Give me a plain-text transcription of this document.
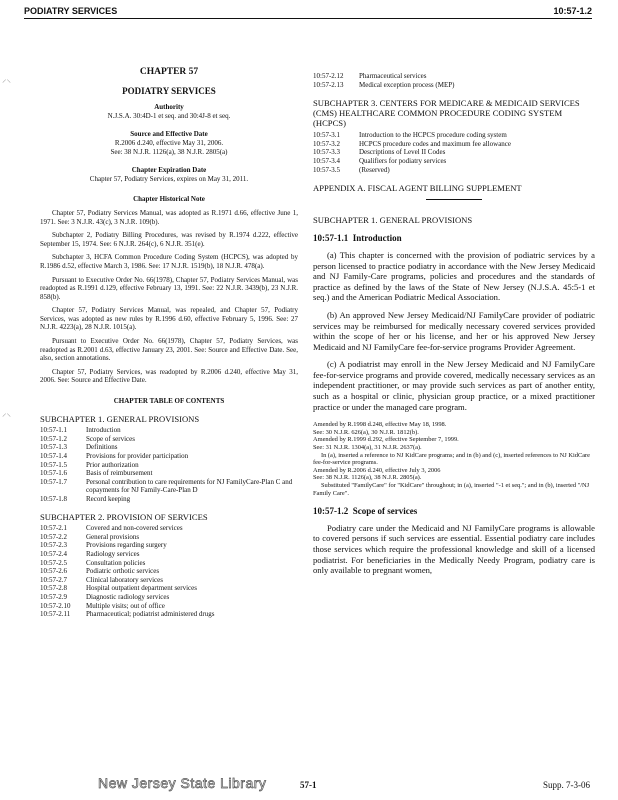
PODIATRY SERVICES	10:57-1.2
⸝⸜
⸝⸜
CHAPTER 57
PODIATRY SERVICES
Authority

N.J.S.A. 30:4D-1 et seq. and 30:4J-8 et seq.

Source and Effective Date

R.2006 d.240, effective May 31, 2006.

See: 38 N.J.R. 1126(a), 38 N.J.R. 2805(a)

Chapter Expiration Date

Chapter 57, Podiatry Services, expires on May 31, 2011.

Chapter Historical Note

Chapter 57, Podiatry Services Manual, was adopted as R.1971 d.66, effective June 1, 1971. See: 3 N.J.R. 43(c), 3 N.J.R. 109(b).

Subchapter 2, Podiatry Billing Procedures, was revised by R.1974 d.222, effective September 15, 1974. See: 6 N.J.R. 264(c), 6 N.J.R. 351(e).

Subchapter 3, HCFA Common Procedure Coding System (HCPCS), was adopted by R.1986 d.52, effective March 3, 1986. See: 17 N.J.R. 1519(b), 18 N.J.R. 478(a).

Pursuant to Executive Order No. 66(1978), Chapter 57, Podiatry Services Manual, was readopted as R.1991 d.129, effective February 13, 1991. See: 22 N.J.R. 3439(b), 23 N.J.R. 858(b).

Chapter 57, Podiatry Services Manual, was repealed, and Chapter 57, Podiatry Services, was adopted as new rules by R.1996 d.60, effective February 5, 1996. See: 27 N.J.R. 4223(a), 28 N.J.R. 1015(a).

Pursuant to Executive Order No. 66(1978), Chapter 57, Podiatry Services, was readopted as R.2001 d.63, effective January 23, 2001. See: Source and Effective Date. See, also, section annotations.

Chapter 57, Podiatry Services, was readopted by R.2006 d.240, effective May 31, 2006. See: Source and Effective Date.

CHAPTER TABLE OF CONTENTS
SUBCHAPTER 1. GENERAL PROVISIONS
10:57-1.1	Introduction
10:57-1.2	Scope of services
10:57-1.3	Definitions
10:57-1.4	Provisions for provider participation
10:57-1.5	Prior authorization
10:57-1.6	Basis of reimbursement
10:57-1.7	Personal contribution to care requirements for NJ FamilyCare-Plan C and copayments for NJ Family-Care-Plan D
10:57-1.8	Record keeping
SUBCHAPTER 2. PROVISION OF SERVICES
10:57-2.1	Covered and non-covered services
10:57-2.2	General provisions
10:57-2.3	Provisions regarding surgery
10:57-2.4	Radiology services
10:57-2.5	Consultation policies
10:57-2.6	Podiatric orthotic services
10:57-2.7	Clinical laboratory services
10:57-2.8	Hospital outpatient department services
10:57-2.9	Diagnostic radiology services
10:57-2.10	Multiple visits; out of office
10:57-2.11	Pharmaceutical; podiatrist administered drugs
10:57-2.12	Pharmaceutical services
10:57-2.13	Medical exception process (MEP)
SUBCHAPTER 3. CENTERS FOR MEDICARE & MEDICAID SERVICES (CMS) HEALTHCARE COMMON PROCEDURE CODING SYSTEM (HCPCS)
10:57-3.1	Introduction to the HCPCS procedure coding system
10:57-3.2	HCPCS procedure codes and maximum fee allowance
10:57-3.3	Descriptions of Level II Codes
10:57-3.4	Qualifiers for podiatry services
10:57-3.5	(Reserved)
APPENDIX A. FISCAL AGENT BILLING SUPPLEMENT
SUBCHAPTER 1. GENERAL PROVISIONS
10:57-1.1 Introduction

(a) This chapter is concerned with the provision of podiatric services by a person licensed to practice podiatry in accordance with the New Jersey Medicaid and NJ Family-Care programs, policies and procedures and the standards of practice as defined by the laws of the State of New Jersey (N.J.S.A. 45:5-1 et seq.) and the American Podiatric Medical Association.

(b) An approved New Jersey Medicaid/NJ FamilyCare provider of podiatric services may be reimbursed for medically necessary covered services provided within the scope of her or his license, and her or his approved New Jersey Medicaid and NJ FamilyCare fee-for-service programs Provider Agreement.

(c) A podiatrist may enroll in the New Jersey Medicaid and NJ FamilyCare fee-for-service programs and provide covered, medically necessary services as an independent practitioner, or may provide such services as part of another entity, such as a hospital or clinic, physician group practice, or a mixed practitioner practice or under the managed care program.

Amended by R.1998 d.248, effective May 18, 1998.

See: 30 N.J.R. 626(a), 30 N.J.R. 1812(b).

Amended by R.1999 d.292, effective September 7, 1999.

See: 31 N.J.R. 1304(a), 31 N.J.R. 2637(a).

In (a), inserted a reference to NJ KidCare programs; and in (b) and (c), inserted references to NJ KidCare fee-for-service programs.

Amended by R.2006 d.240, effective July 3, 2006

See: 38 N.J.R. 1126(a), 38 N.J.R. 2805(a).

Substituted "FamilyCare" for "KidCare" throughout; in (a), inserted "-1 et seq."; and in (b), inserted "/NJ Family Care".

10:57-1.2 Scope of services

Podiatry care under the Medicaid and NJ FamilyCare programs is allowable to covered persons if such services are essential. Essential podiatry care includes those services which require the professional knowledge and skill of a licensed podiatrist. For beneficiaries in the Medically Needy Program, podiatry care is only available to pregnant women,

New Jersey State Library	57-1	Supp. 7-3-06
